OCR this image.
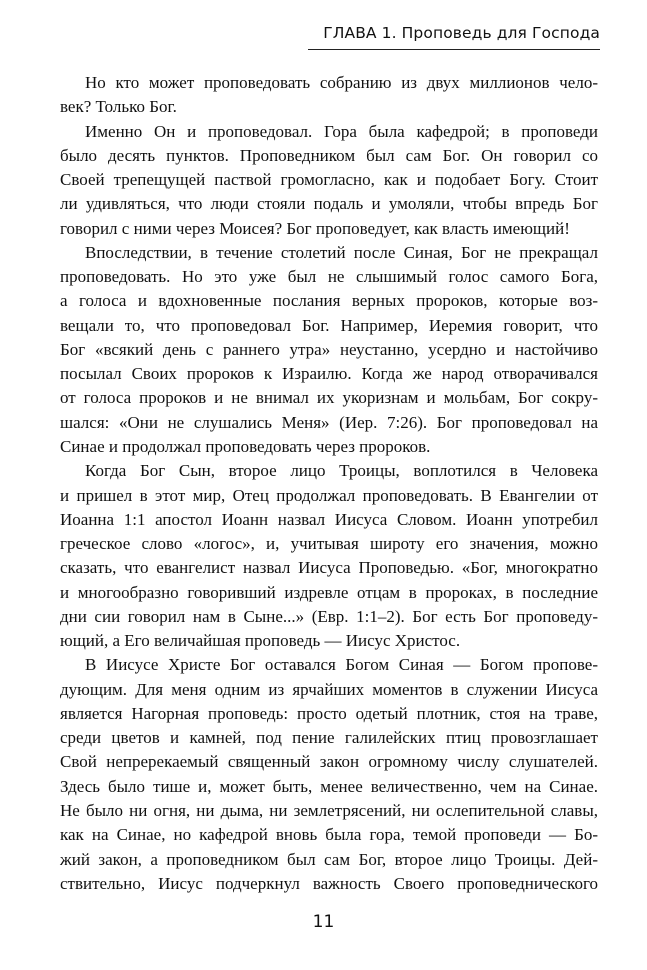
ГЛАВА 1. Проповедь для Господа
Но кто может проповедовать собранию из двух миллионов чело-
век? Только Бог.
Именно Он и проповедовал. Гора была кафедрой; в проповеди
было десять пунктов. Проповедником был сам Бог. Он говорил со
Своей трепещущей паствой громогласно, как и подобает Богу. Стоит
ли удивляться, что люди стояли подаль и умоляли, чтобы впредь Бог
говорил с ними через Моисея? Бог проповедует, как власть имеющий!
Впоследствии, в течение столетий после Синая, Бог не прекращал
проповедовать. Но это уже был не слышимый голос самого Бога,
а голоса и вдохновенные послания верных пророков, которые воз-
вещали то, что проповедовал Бог. Например, Иеремия говорит, что
Бог «всякий день с раннего утра» неустанно, усердно и настойчиво
посылал Своих пророков к Израилю. Когда же народ отворачивался
от голоса пророков и не внимал их укоризнам и мольбам, Бог сокру-
шался: «Они не слушались Меня» (Иер. 7:26). Бог проповедовал на
Синае и продолжал проповедовать через пророков.
Когда Бог Сын, второе лицо Троицы, воплотился в Человека
и пришел в этот мир, Отец продолжал проповедовать. В Евангелии от
Иоанна 1:1 апостол Иоанн назвал Иисуса Словом. Иоанн употребил
греческое слово «логос», и, учитывая широту его значения, можно
сказать, что евангелист назвал Иисуса Проповедью. «Бог, многократно
и многообразно говоривший издревле отцам в пророках, в последние
дни сии говорил нам в Сыне...» (Евр. 1:1–2). Бог есть Бог проповеду-
ющий, а Его величайшая проповедь — Иисус Христос.
В Иисусе Христе Бог оставался Богом Синая — Богом пропове-
дующим. Для меня одним из ярчайших моментов в служении Иисуса
является Нагорная проповедь: просто одетый плотник, стоя на траве,
среди цветов и камней, под пение галилейских птиц провозглашает
Свой непререкаемый священный закон огромному числу слушателей.
Здесь было тише и, может быть, менее величественно, чем на Синае.
Не было ни огня, ни дыма, ни землетрясений, ни ослепительной славы,
как на Синае, но кафедрой вновь была гора, темой проповеди — Бо-
жий закон, а проповедником был сам Бог, второе лицо Троицы. Дей-
ствительно, Иисус подчеркнул важность Своего проповеднического
11
